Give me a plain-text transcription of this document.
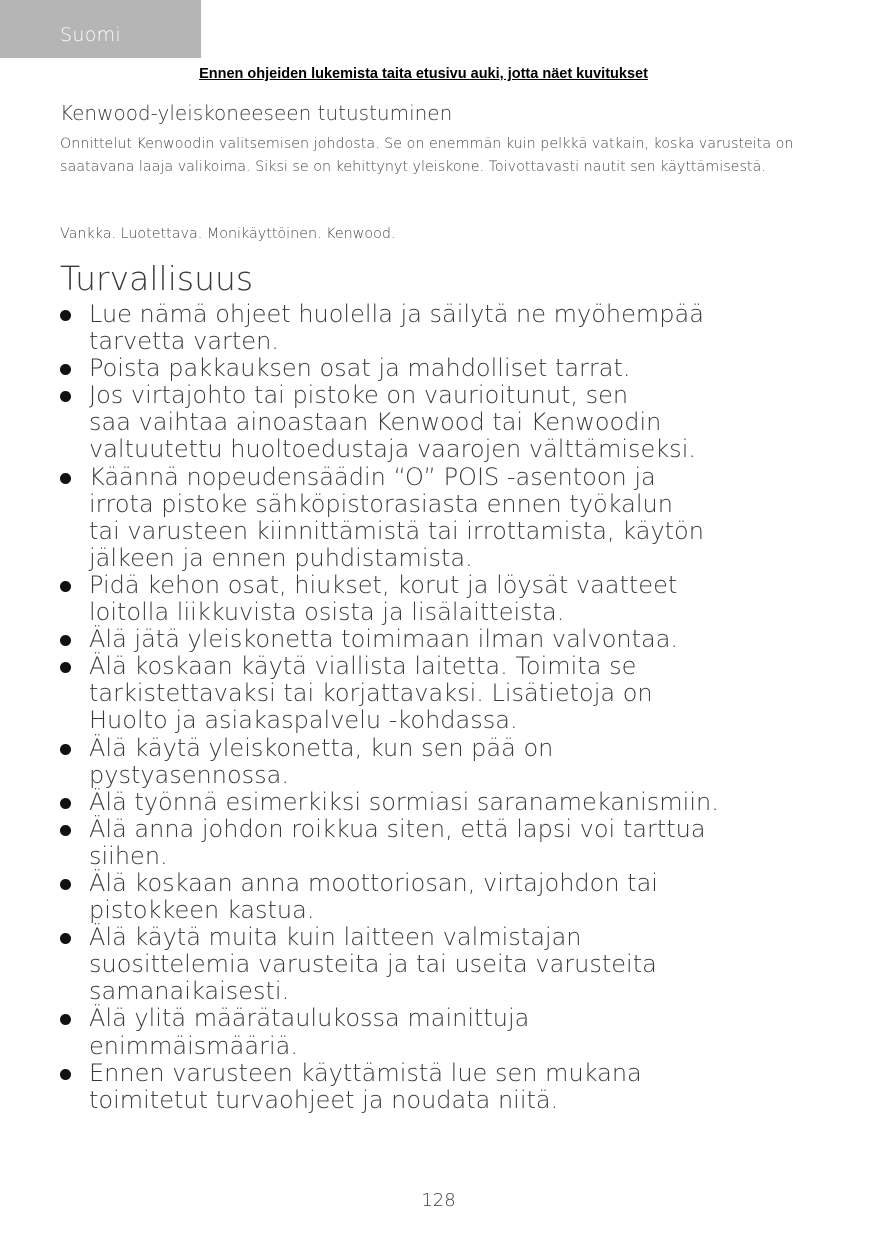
Suomi
Ennen ohjeiden lukemista taita etusivu auki, jotta näet kuvitukset
Kenwood-yleiskoneeseen tutustuminen
Onnittelut Kenwoodin valitsemisen johdosta. Se on enemmän kuin pelkkä vatkain, koska varusteita on saatavana laaja valikoima. Siksi se on kehittynyt yleiskone. Toivottavasti nautit sen käyttämisestä.
Vankka. Luotettava. Monikäyttöinen. Kenwood.
Turvallisuus
Lue nämä ohjeet huolella ja säilytä ne myöhempää
tarvetta varten.
Poista pakkauksen osat ja mahdolliset tarrat.
Jos virtajohto tai pistoke on vaurioitunut, sen
saa vaihtaa ainoastaan Kenwood tai Kenwoodin
valtuutettu huoltoedustaja vaarojen välttämiseksi.
Käännä nopeudensäädin “O” POIS -asentoon ja
irrota pistoke sähköpistorasiasta ennen työkalun
tai varusteen kiinnittämistä tai irrottamista, käytön
jälkeen ja ennen puhdistamista.
Pidä kehon osat, hiukset, korut ja löysät vaatteet
loitolla liikkuvista osista ja lisälaitteista.
Älä jätä yleiskonetta toimimaan ilman valvontaa.
Älä koskaan käytä viallista laitetta. Toimita se
tarkistettavaksi tai korjattavaksi. Lisätietoja on
Huolto ja asiakaspalvelu -kohdassa.
Älä käytä yleiskonetta, kun sen pää on
pystyasennossa.
Älä työnnä esimerkiksi sormiasi saranamekanismiin.
Älä anna johdon roikkua siten, että lapsi voi tarttua
siihen.
Älä koskaan anna moottoriosan, virtajohdon tai
pistokkeen kastua.
Älä käytä muita kuin laitteen valmistajan
suosittelemia varusteita ja tai useita varusteita
samanaikaisesti.
Älä ylitä määrätaulukossa mainittuja
enimmäismääriä.
Ennen varusteen käyttämistä lue sen mukana
toimitetut turvaohjeet ja noudata niitä.
128
